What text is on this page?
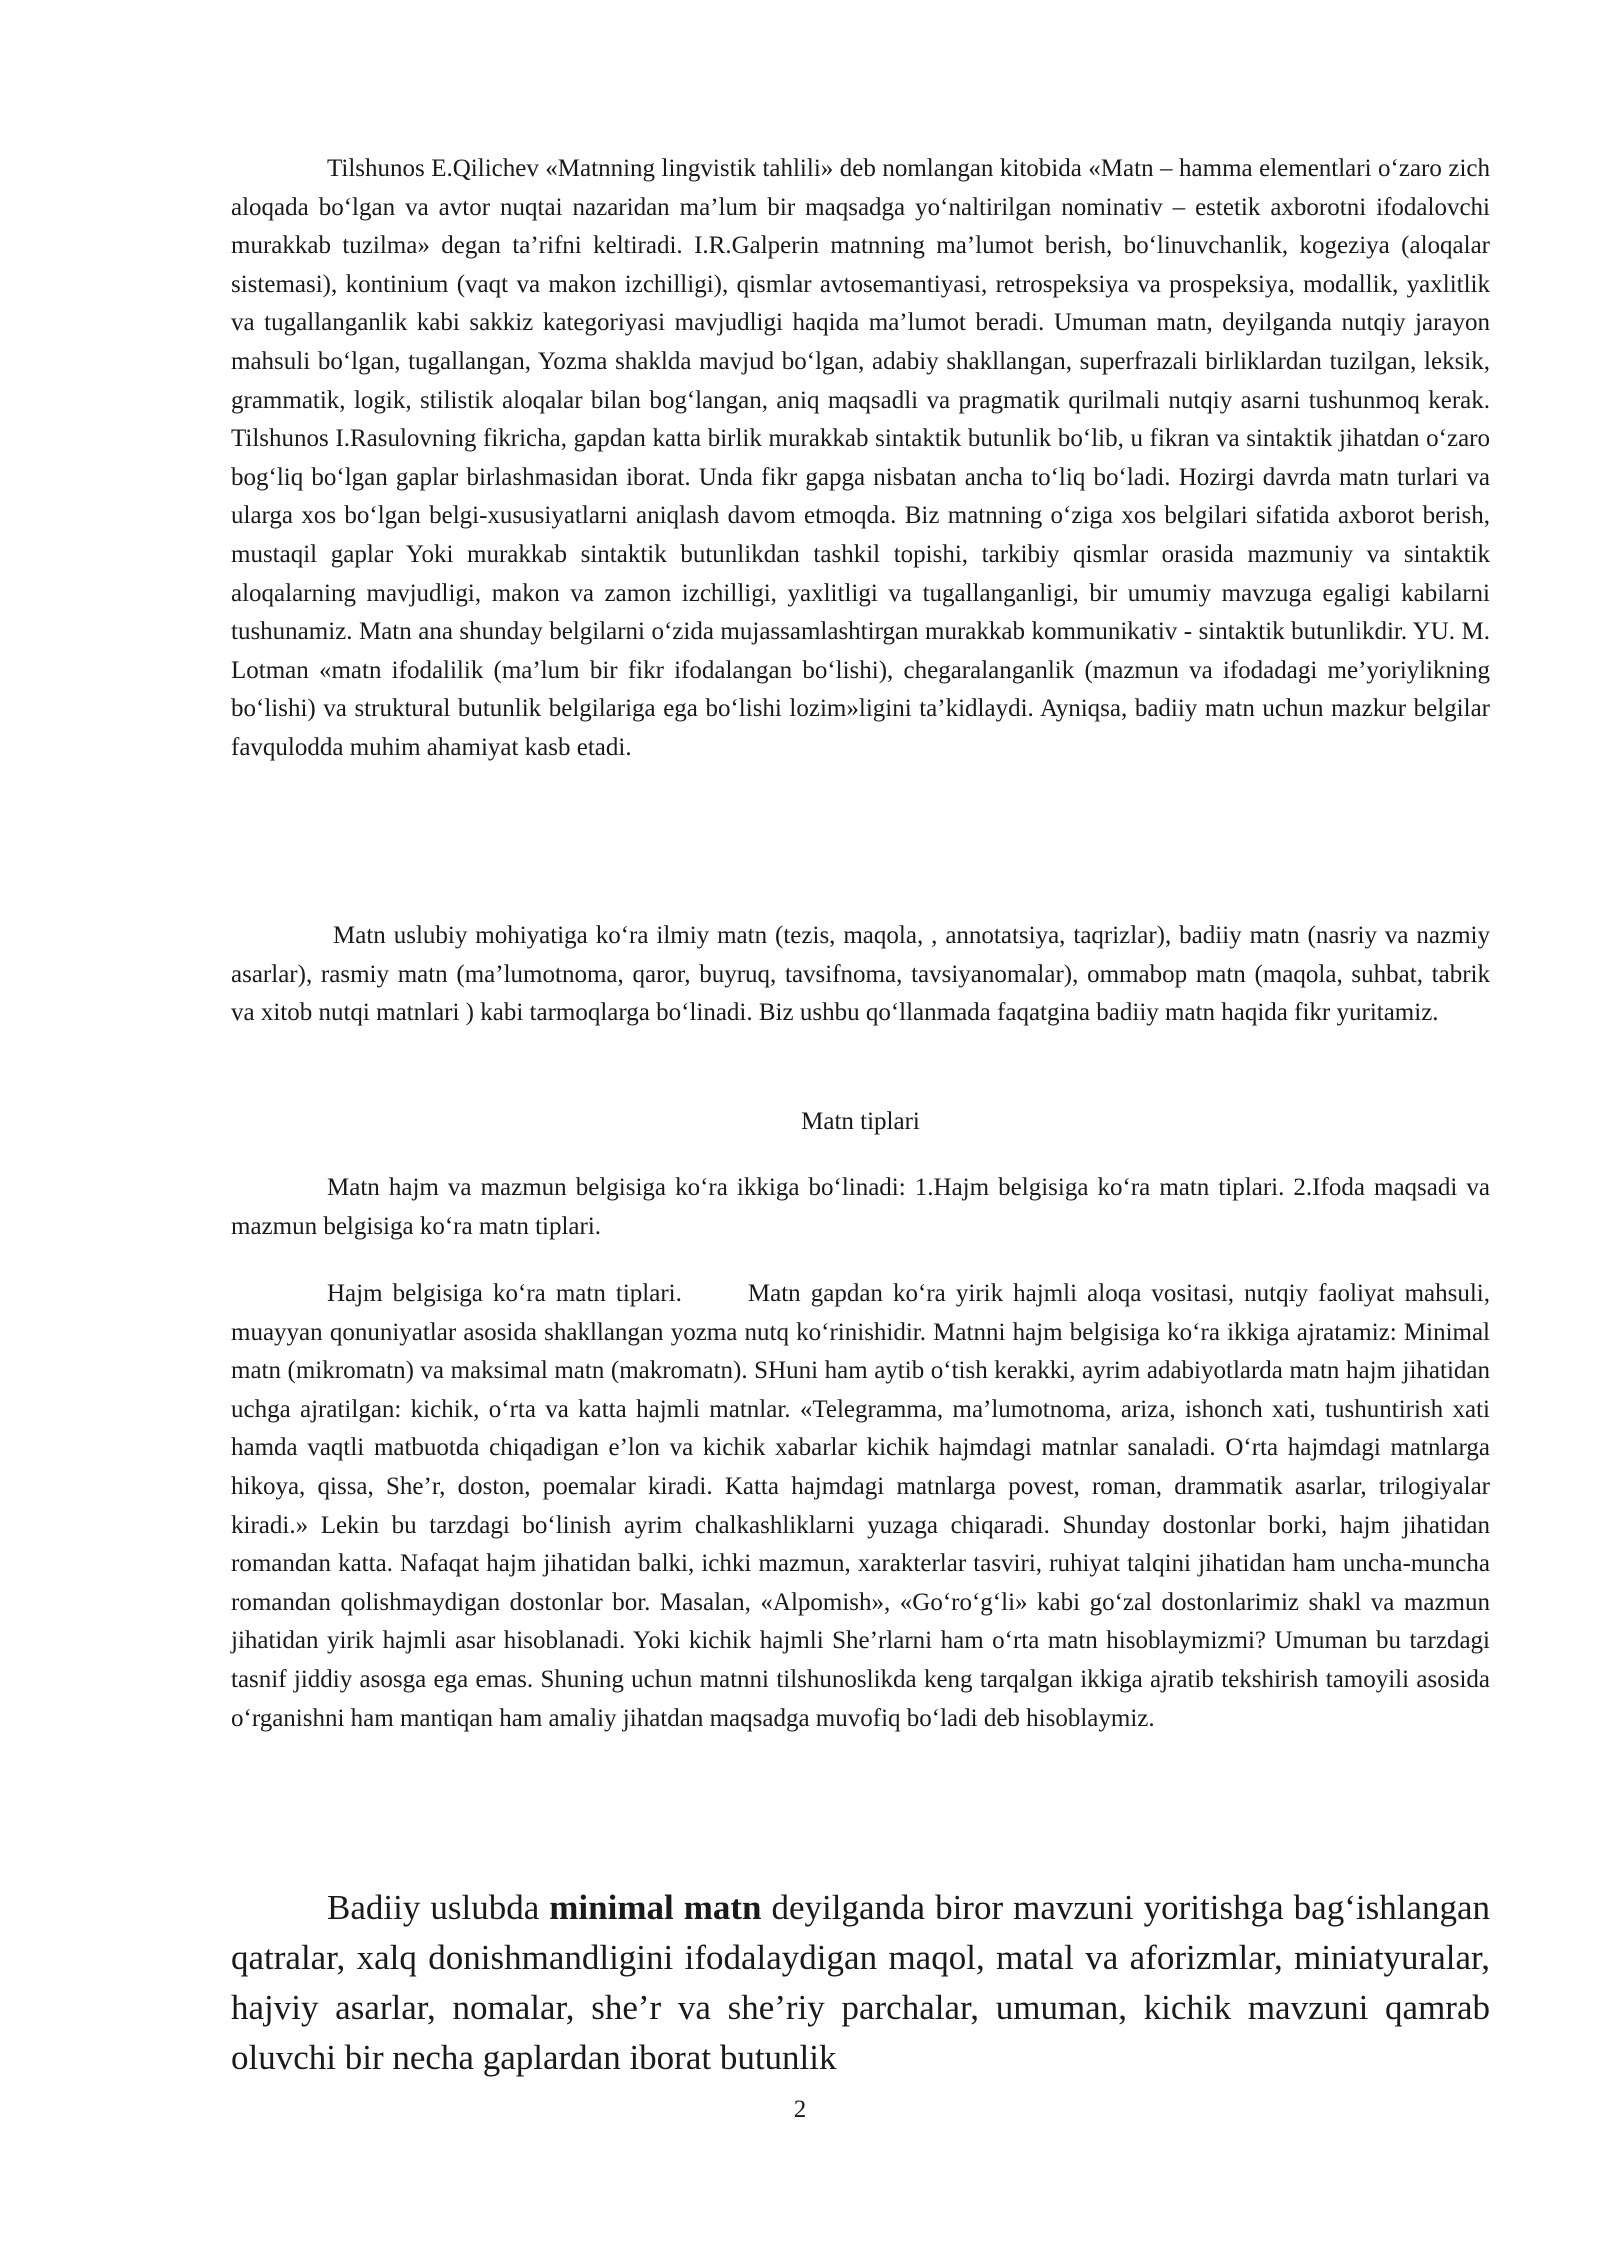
Tilshunos E.Qilichev «Matnning lingvistik tahlili» deb nomlangan kitobida «Matn – hamma elementlari o‘zaro zich aloqada bo‘lgan va avtor nuqtai nazaridan ma’lum bir maqsadga yo‘naltirilgan nominativ – estetik axborotni ifodalovchi murakkab tuzilma» degan ta’rifni keltiradi. I.R.Galperin matnning ma’lumot berish, bo‘linuvchanlik, kogeziya (aloqalar sistemasi), kontinium (vaqt va makon izchilligi), qismlar avtosemantiyasi, retrospeksiya va prospeksiya, modallik, yaxlitlik va tugallanganlik kabi sakkiz kategoriyasi mavjudligi haqida ma’lumot beradi. Umuman matn, deyilganda nutqiy jarayon mahsuli bo‘lgan, tugallangan, Yozma shaklda mavjud bo‘lgan, adabiy shakllangan, superfrazali birliklardan tuzilgan, leksik, grammatik, logik, stilistik aloqalar bilan bog‘langan, aniq maqsadli va pragmatik qurilmali nutqiy asarni tushunmoq kerak. Tilshunos I.Rasulovning fikricha, gapdan katta birlik murakkab sintaktik butunlik bo‘lib, u fikran va sintaktik jihatdan o‘zaro bog‘liq bo‘lgan gaplar birlashmasidan iborat. Unda fikr gapga nisbatan ancha to‘liq bo‘ladi. Hozirgi davrda matn turlari va ularga xos bo‘lgan belgi-xususiyatlarni aniqlash davom etmoqda. Biz matnning o‘ziga xos belgilari sifatida axborot berish, mustaqil gaplar Yoki murakkab sintaktik butunlikdan tashkil topishi, tarkibiy qismlar orasida mazmuniy va sintaktik aloqalarning mavjudligi, makon va zamon izchilligi, yaxlitligi va tugallanganligi, bir umumiy mavzuga egaligi kabilarni tushunamiz. Matn ana shunday belgilarni o‘zida mujassamlashtirgan murakkab kommunikativ - sintaktik butunlikdir. YU. M. Lotman «matn ifodalilik (ma’lum bir fikr ifodalangan bo‘lishi), chegaralanganlik (mazmun va ifodadagi me’yoriylikning bo‘lishi) va struktural butunlik belgilariga ega bo‘lishi lozim»ligini ta’kidlaydi. Ayniqsa, badiiy matn uchun mazkur belgilar favqulodda muhim ahamiyat kasb etadi.

Matn uslubiy mohiyatiga ko‘ra ilmiy matn (tezis, maqola, , annotatsiya, taqrizlar), badiiy matn (nasriy va nazmiy asarlar), rasmiy matn (ma’lumotnoma, qaror, buyruq, tavsifnoma, tavsiyanomalar), ommabop matn (maqola, suhbat, tabrik va xitob nutqi matnlari ) kabi tarmoqlarga bo‘linadi. Biz ushbu qo‘llanmada faqatgina badiiy matn haqida fikr yuritamiz.

Matn tiplari

Matn hajm va mazmun belgisiga ko‘ra ikkiga bo‘linadi: 1.Hajm belgisiga ko‘ra matn tiplari. 2.Ifoda maqsadi va mazmun belgisiga ko‘ra matn tiplari.

Hajm belgisiga ko‘ra matn tiplari.	Matn gapdan ko‘ra yirik hajmli aloqa vositasi, nutqiy faoliyat mahsuli, muayyan qonuniyatlar asosida shakllangan yozma nutq ko‘rinishidir. Matnni hajm belgisiga ko‘ra ikkiga ajratamiz: Minimal matn (mikromatn) va maksimal matn (makromatn). SHuni ham aytib o‘tish kerakki, ayrim adabiyotlarda matn hajm jihatidan uchga ajratilgan: kichik, o‘rta va katta hajmli matnlar. «Telegramma, ma’lumotnoma, ariza, ishonch xati, tushuntirish xati hamda vaqtli matbuotda chiqadigan e’lon va kichik xabarlar kichik hajmdagi matnlar sanaladi. O‘rta hajmdagi matnlarga hikoya, qissa, She’r, doston, poemalar kiradi. Katta hajmdagi matnlarga povest, roman, drammatik asarlar, trilogiyalar kiradi.» Lekin bu tarzdagi bo‘linish ayrim chalkashliklarni yuzaga chiqaradi. Shunday dostonlar borki, hajm jihatidan romandan katta. Nafaqat hajm jihatidan balki, ichki mazmun, xarakterlar tasviri, ruhiyat talqini jihatidan ham uncha-muncha romandan qolishmaydigan dostonlar bor. Masalan, «Alpomish», «Go‘ro‘g‘li» kabi go‘zal dostonlarimiz shakl va mazmun jihatidan yirik hajmli asar hisoblanadi. Yoki kichik hajmli She’rlarni ham o‘rta matn hisoblaymizmi? Umuman bu tarzdagi tasnif jiddiy asosga ega emas. Shuning uchun matnni tilshunoslikda keng tarqalgan ikkiga ajratib tekshirish tamoyili asosida o‘rganishni ham mantiqan ham amaliy jihatdan maqsadga muvofiq bo‘ladi deb hisoblaymiz.

Badiiy uslubda minimal matn deyilganda biror mavzuni yoritishga bag‘ishlangan qatralar, xalq donishmandligini ifodalaydigan maqol, matal va aforizmlar, miniatyuralar, hajviy asarlar, nomalar, she’r va she’riy parchalar, umuman, kichik mavzuni qamrab oluvchi bir necha gaplardan iborat butunlik

2
